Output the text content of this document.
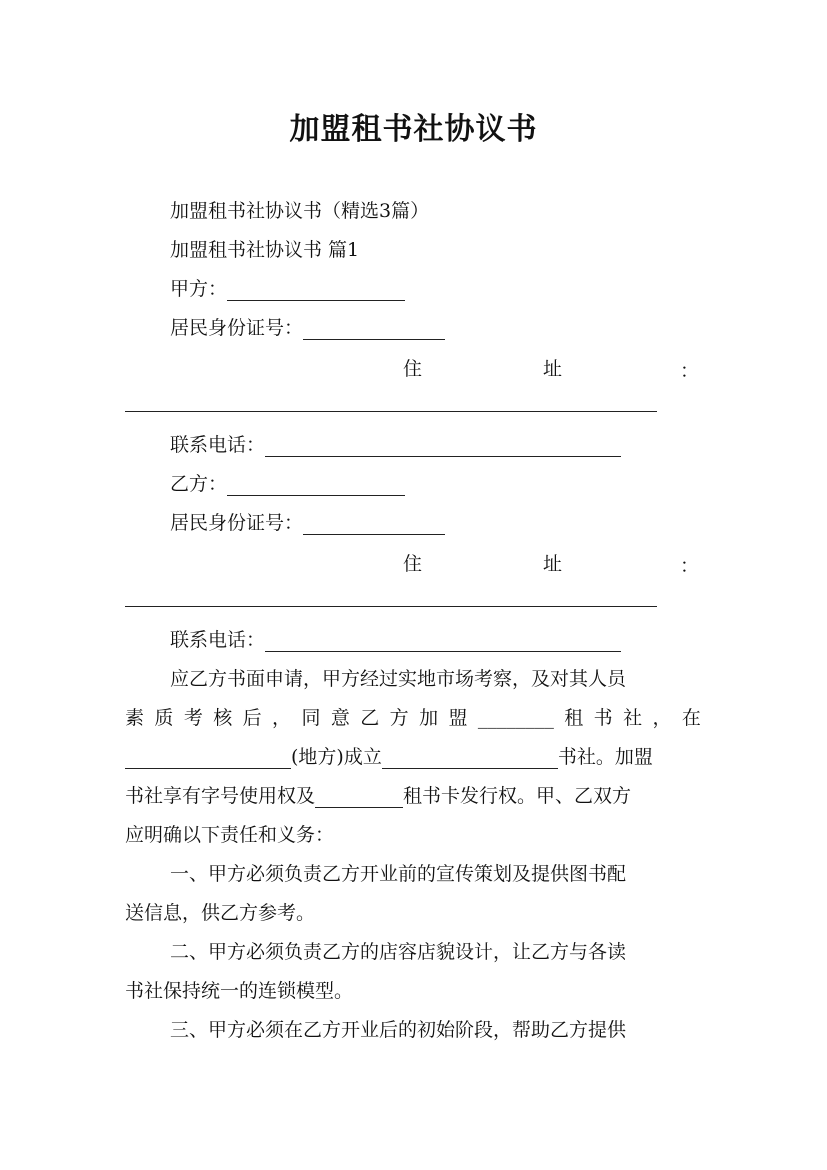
加盟租书社协议书
加盟租书社协议书（精选3篇）
加盟租书社协议书 篇1
甲方：
居民身份证号：
住	址	：
联系电话：
乙方：
居民身份证号：
住	址	：
联系电话：
应乙方书面申请，甲方经过实地市场考察，及对其人员
素 质 考 核 后 ， 同 意 乙 方 加 盟 ________ 租 书 社 ， 在
(地方)成立	书社。加盟
书社享有字号使用权及	租书卡发行权。甲、乙双方
应明确以下责任和义务：
一、甲方必须负责乙方开业前的宣传策划及提供图书配
送信息，供乙方参考。
二、甲方必须负责乙方的店容店貌设计，让乙方与各读
书社保持统一的连锁模型。
三、甲方必须在乙方开业后的初始阶段，帮助乙方提供
